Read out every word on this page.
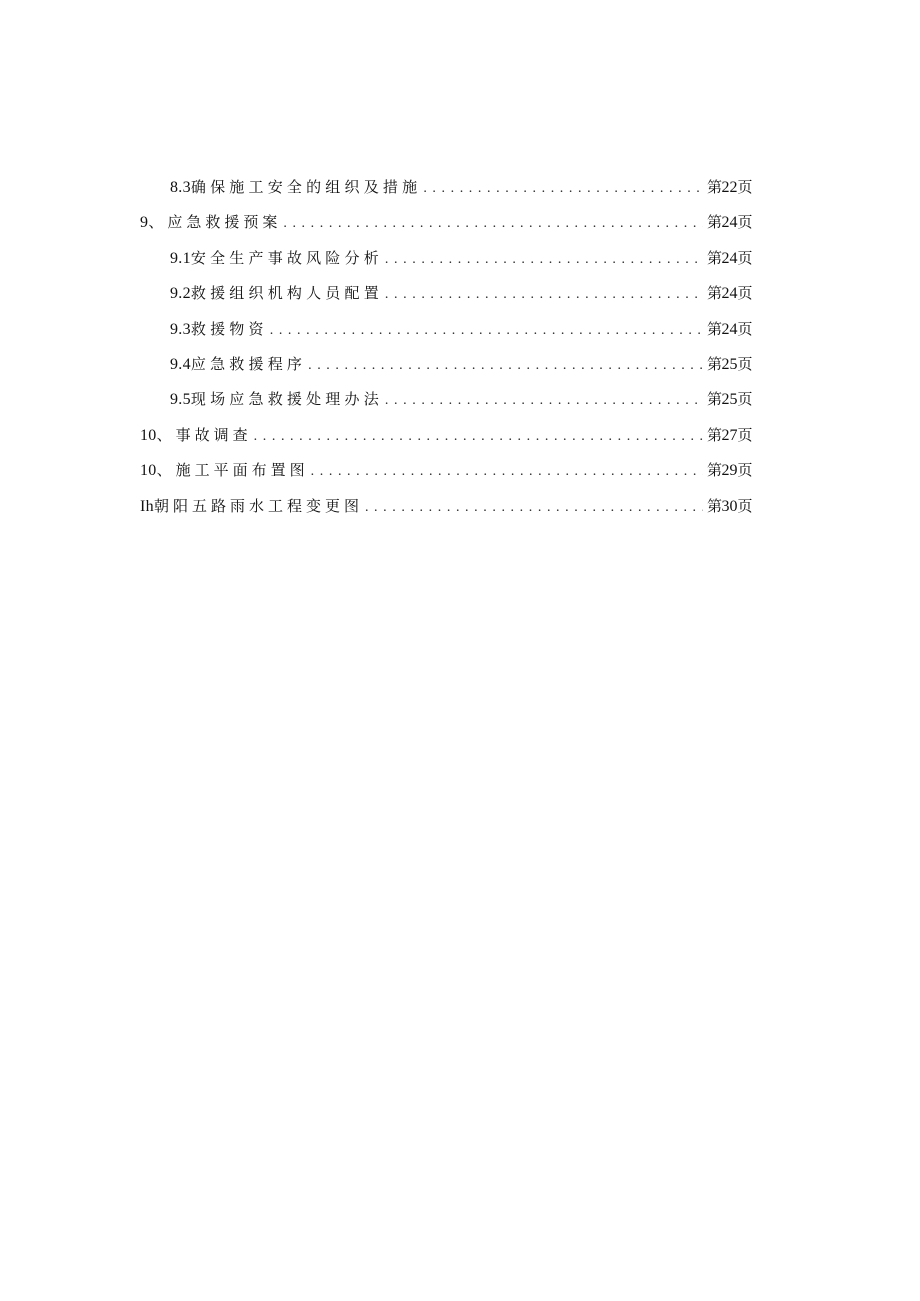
8.3 确保施工安全的组织及措施 .....	第22页
9 、 应急救援预案 .....	第24页
9.1 安全生产事故风险分析 .....	第24页
9.2 救援组织机构人员配置 .....	第24页
9.3 救援物资 .....	第24页
9.4 应急救援程序 .....	第25页
9.5 现场应急救援处理办法 .....	第25页
10 、 事故调查 .....	第27页
10 、 施工平面布置图 .....	第29页
Ih 朝阳五路雨水工程变更图 .....	第30页
